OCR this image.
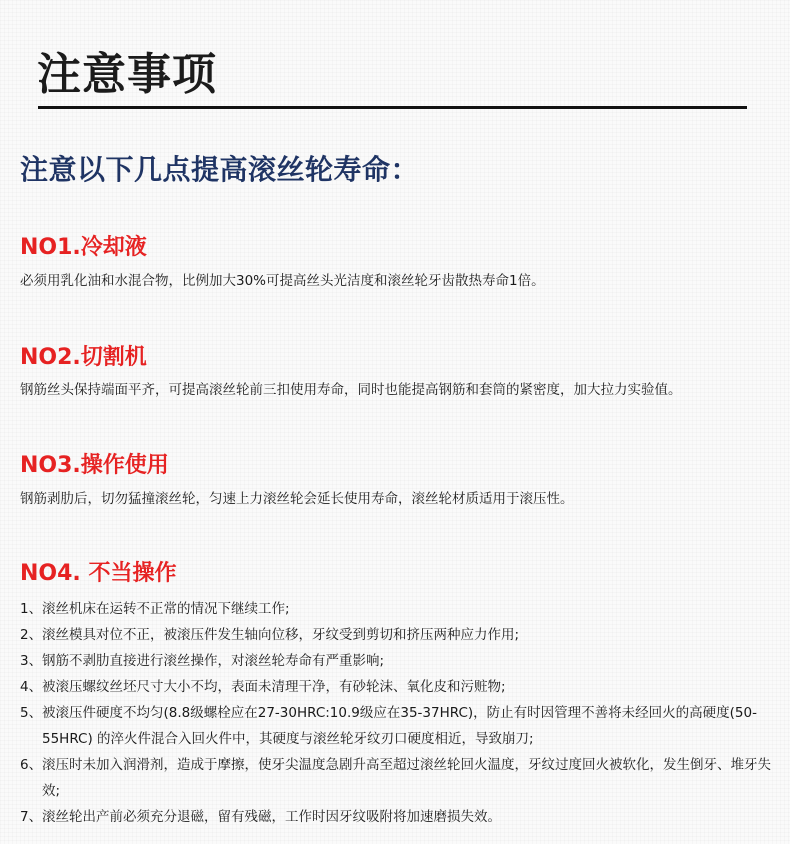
注意事项
注意以下几点提高滚丝轮寿命：
NO1.冷却液

必须用乳化油和水混合物，比例加大30%可提高丝头光洁度和滚丝轮牙齿散热寿命1倍。

NO2.切割机

钢筋丝头保持端面平齐，可提高滚丝轮前三扣使用寿命，同时也能提高钢筋和套筒的紧密度，加大拉力实验值。

NO3.操作使用

钢筋剥肋后，切勿猛撞滚丝轮，匀速上力滚丝轮会延长使用寿命，滚丝轮材质适用于滚压性。

NO4. 不当操作
1、 滚丝机床在运转不正常的情况下继续工作;
2、 滚丝模具对位不正，被滚压件发生轴向位移，牙纹受到剪切和挤压两种应力作用;
3、 钢筋不剥肋直接进行滚丝操作，对滚丝轮寿命有严重影响;
4、 被滚压螺纹丝坯尺寸大小不均，表面未清理干净，有砂轮沫、氧化皮和污赃物;
5、 被滚压件硬度不均匀(8.8级螺栓应在27-30HRC:10.9级应在35-37HRC)，防止有时因管理不善将未经回火的高硬度(50-55HRC) 的淬火件混合入回火件中，其硬度与滚丝轮牙纹刃口硬度相近，导致崩刀;
6、 滚压时未加入润滑剂，造成于摩擦，使牙尖温度急剧升高至超过滚丝轮回火温度，牙纹过度回火被软化，发生倒牙、堆牙失效;
7、 滚丝轮出产前必须充分退磁，留有残磁，工作时因牙纹吸附将加速磨损失效。
